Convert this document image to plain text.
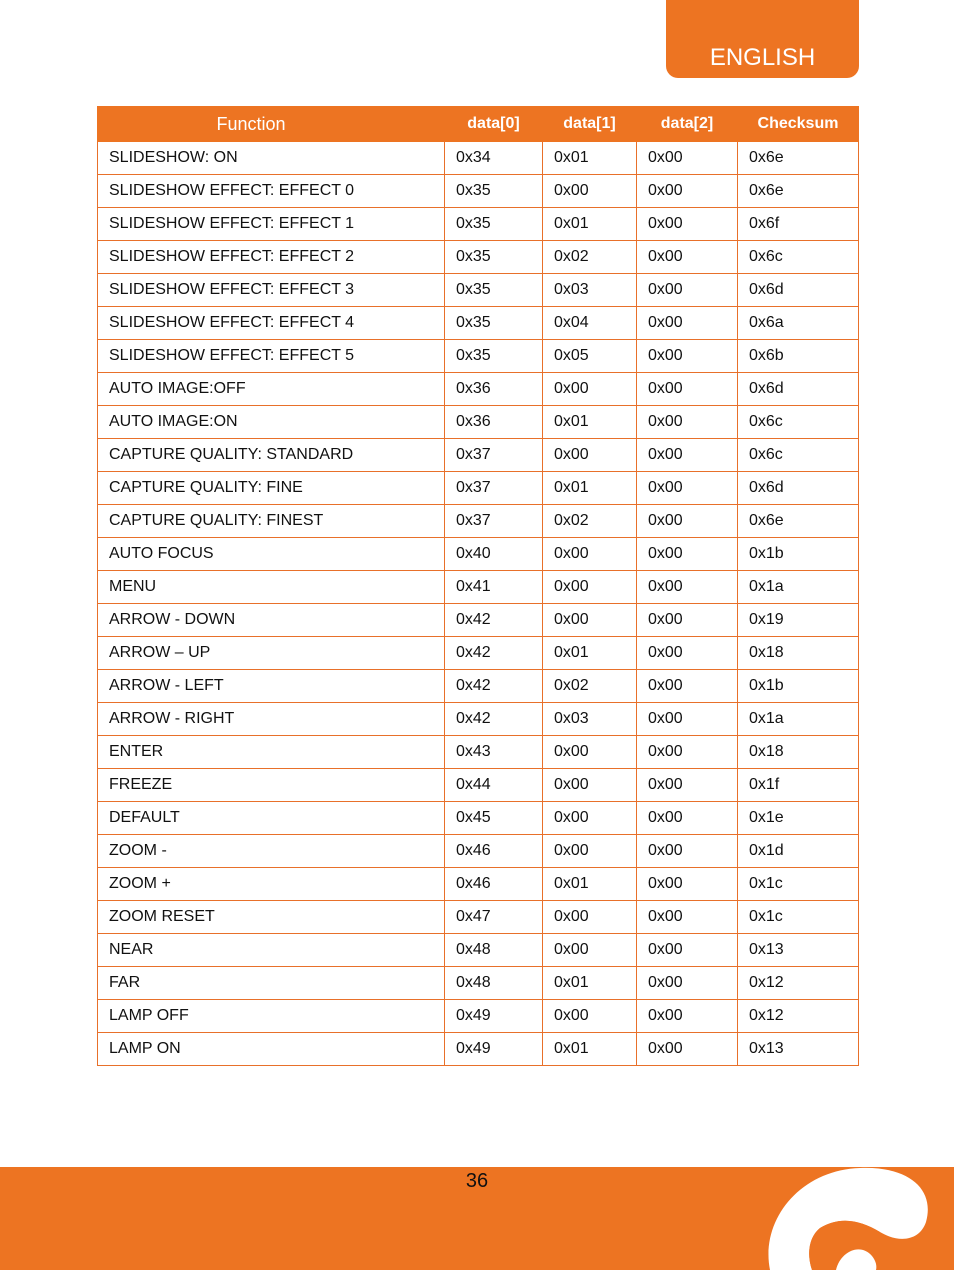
ENGLISH
Function	data[0]	data[1]	data[2]	Checksum
SLIDESHOW: ON	0x34	0x01	0x00	0x6e
SLIDESHOW EFFECT: EFFECT 0	0x35	0x00	0x00	0x6e
SLIDESHOW EFFECT: EFFECT 1	0x35	0x01	0x00	0x6f
SLIDESHOW EFFECT: EFFECT 2	0x35	0x02	0x00	0x6c
SLIDESHOW EFFECT: EFFECT 3	0x35	0x03	0x00	0x6d
SLIDESHOW EFFECT: EFFECT 4	0x35	0x04	0x00	0x6a
SLIDESHOW EFFECT: EFFECT 5	0x35	0x05	0x00	0x6b
AUTO IMAGE:OFF	0x36	0x00	0x00	0x6d
AUTO IMAGE:ON	0x36	0x01	0x00	0x6c
CAPTURE QUALITY: STANDARD	0x37	0x00	0x00	0x6c
CAPTURE QUALITY: FINE	0x37	0x01	0x00	0x6d
CAPTURE QUALITY: FINEST	0x37	0x02	0x00	0x6e
AUTO FOCUS	0x40	0x00	0x00	0x1b
MENU	0x41	0x00	0x00	0x1a
ARROW - DOWN	0x42	0x00	0x00	0x19
ARROW – UP	0x42	0x01	0x00	0x18
ARROW - LEFT	0x42	0x02	0x00	0x1b
ARROW - RIGHT	0x42	0x03	0x00	0x1a
ENTER	0x43	0x00	0x00	0x18
FREEZE	0x44	0x00	0x00	0x1f
DEFAULT	0x45	0x00	0x00	0x1e
ZOOM -	0x46	0x00	0x00	0x1d
ZOOM +	0x46	0x01	0x00	0x1c
ZOOM RESET	0x47	0x00	0x00	0x1c
NEAR	0x48	0x00	0x00	0x13
FAR	0x48	0x01	0x00	0x12
LAMP OFF	0x49	0x00	0x00	0x12
LAMP ON	0x49	0x01	0x00	0x13
36
